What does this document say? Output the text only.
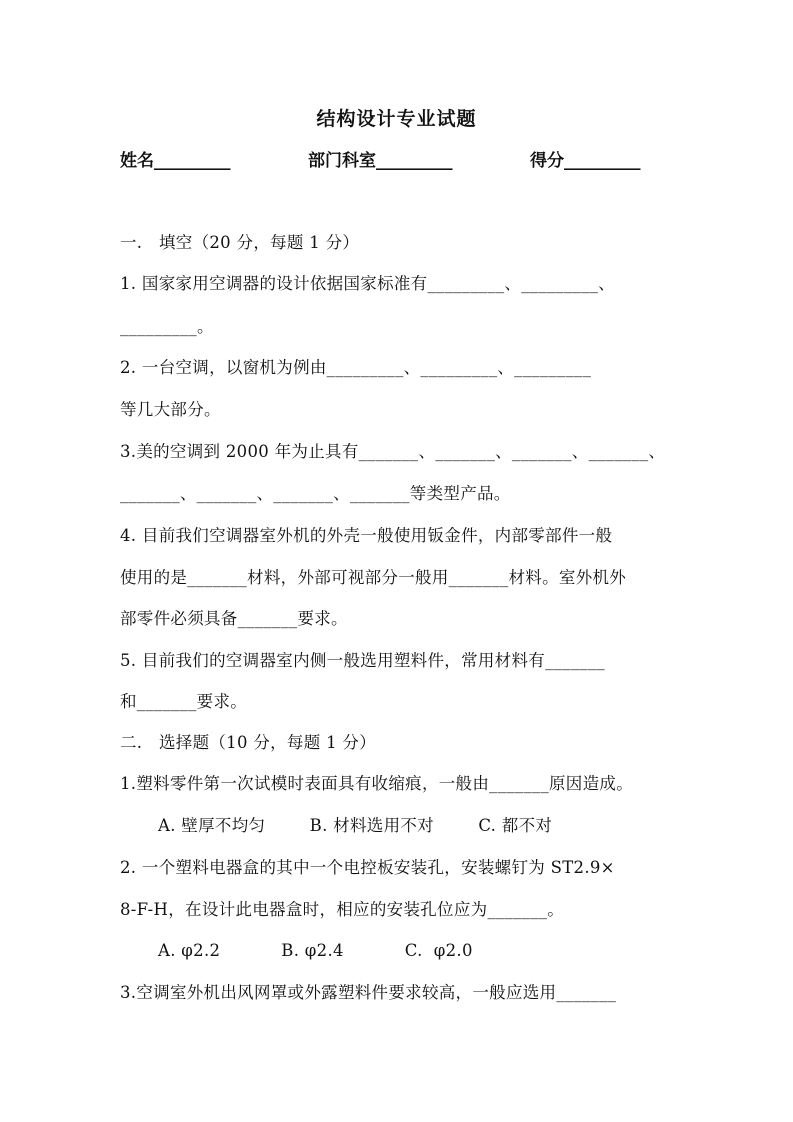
结构设计专业试题
姓名_________	部门科室_________	得分_________
一.   填空（20 分，每题 1 分）
1. 国家家用空调器的设计依据国家标准有_________、_________、
_________。
2. 一台空调，以窗机为例由_________、_________、_________
等几大部分。
3.美的空调到 2000 年为止具有_______、_______、_______、_______、
_______、_______、_______、_______等类型产品。
4. 目前我们空调器室外机的外壳一般使用钣金件，内部零部件一般
使用的是_______材料，外部可视部分一般用_______材料。室外机外
部零件必须具备_______要求。
5. 目前我们的空调器室内侧一般选用塑料件，常用材料有_______
和_______要求。
二.   选择题（10 分，每题 1 分）
1.塑料零件第一次试模时表面具有收缩痕，一般由_______原因造成。
A. 壁厚不均匀        B. 材料选用不对        C. 都不对
2. 一个塑料电器盒的其中一个电控板安装孔，安装螺钉为 ST2.9×
8-F-H，在设计此电器盒时，相应的安装孔位应为_______。
A. φ2.2           B. φ2.4           C.  φ2.0
3.空调室外机出风网罩或外露塑料件要求较高，一般应选用_______
